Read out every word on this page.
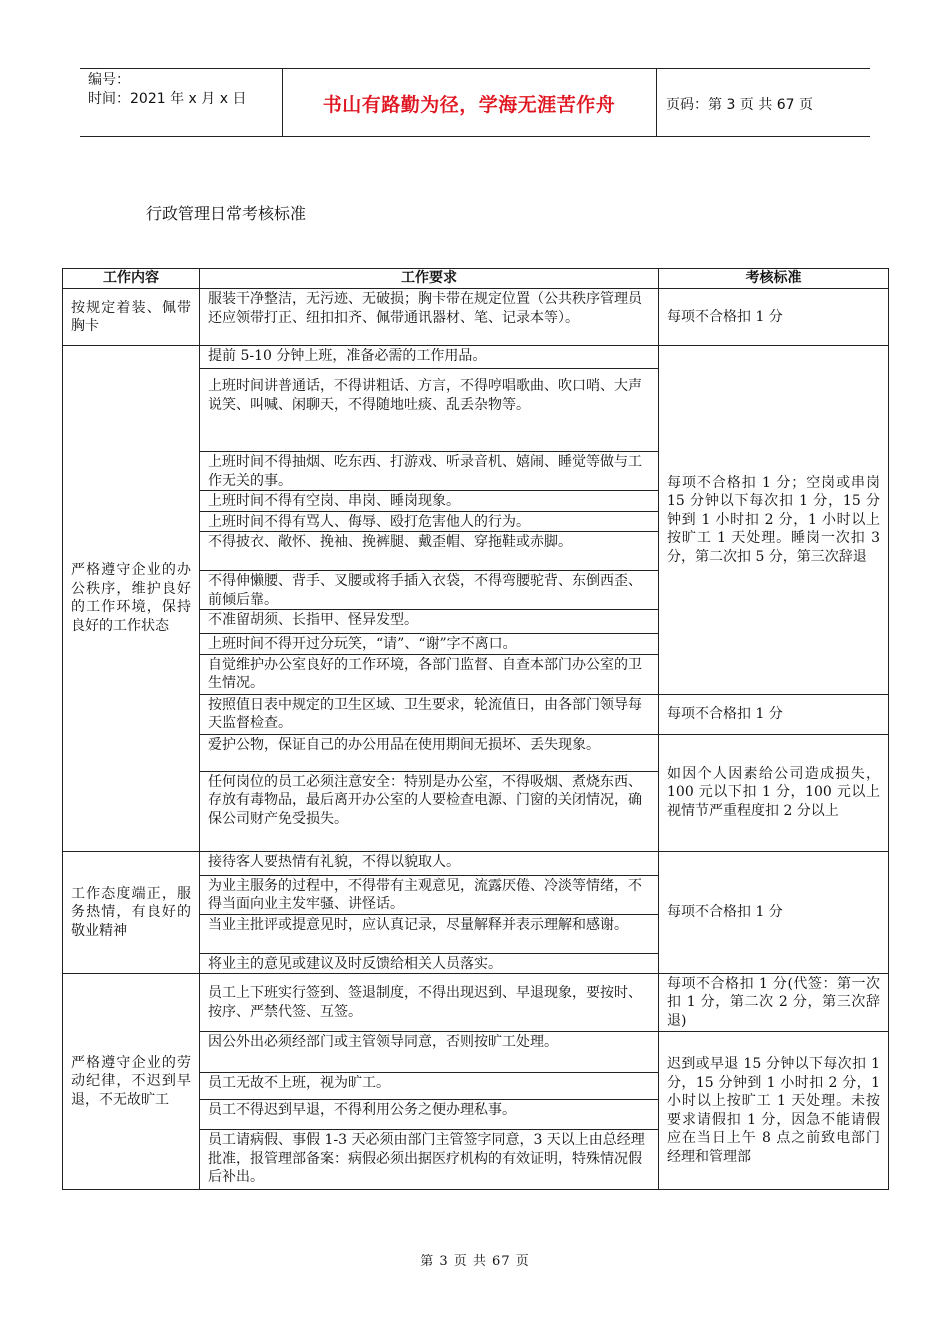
编号：
时间：2021 年 x 月 x 日	书山有路勤为径，学海无涯苦作舟	页码：第 3 页 共 67 页
行政管理日常考核标准
工作内容	工作要求	考核标准
按规定着装、佩带胸卡	服装干净整洁，无污迹、无破损；胸卡带在规定位置（公共秩序管理员还应领带打正、纽扣扣齐、佩带通讯器材、笔、记录本等）。	每项不合格扣 1 分
严格遵守企业的办公秩序，维护良好的工作环境，保持良好的工作状态	提前 5-10 分钟上班，准备必需的工作用品。	每项不合格扣 1 分；空岗或串岗 15 分钟以下每次扣 1 分，15 分钟到 1 小时扣 2 分，1 小时以上按旷工 1 天处理。睡岗一次扣 3 分，第二次扣 5 分，第三次辞退
	上班时间讲普通话，不得讲粗话、方言，不得哼唱歌曲、吹口哨、大声说笑、叫喊、闲聊天，不得随地吐痰、乱丢杂物等。	
	上班时间不得抽烟、吃东西、打游戏、听录音机、嬉闹、睡觉等做与工作无关的事。	
	上班时间不得有空岗、串岗、睡岗现象。	
	上班时间不得有骂人、侮辱、殴打危害他人的行为。	
	不得披衣、敞怀、挽袖、挽裤腿、戴歪帽、穿拖鞋或赤脚。	
	不得伸懒腰、背手、叉腰或将手插入衣袋，不得弯腰驼背、东倒西歪、前倾后靠。	
	不准留胡须、长指甲、怪异发型。	
	上班时间不得开过分玩笑，“请”、“谢”字不离口。	
	自觉维护办公室良好的工作环境，各部门监督、自查本部门办公室的卫生情况。	
	按照值日表中规定的卫生区域、卫生要求，轮流值日，由各部门领导每天监督检查。	每项不合格扣 1 分
	爱护公物，保证自己的办公用品在使用期间无损坏、丢失现象。	如因个人因素给公司造成损失，100 元以下扣 1 分，100 元以上视情节严重程度扣 2 分以上
	任何岗位的员工必须注意安全：特别是办公室，不得吸烟、煮烧东西、存放有毒物品，最后离开办公室的人要检查电源、门窗的关闭情况，确保公司财产免受损失。	
工作态度端正，服务热情，有良好的敬业精神	接待客人要热情有礼貌，不得以貌取人。	每项不合格扣 1 分
	为业主服务的过程中，不得带有主观意见，流露厌倦、冷淡等情绪，不得当面向业主发牢骚、讲怪话。	
	当业主批评或提意见时，应认真记录，尽量解释并表示理解和感谢。	
	将业主的意见或建议及时反馈给相关人员落实。	
严格遵守企业的劳动纪律，不迟到早退，不无故旷工	员工上下班实行签到、签退制度，不得出现迟到、早退现象，要按时、按序、严禁代签、互签。	每项不合格扣 1 分(代签：第一次扣 1 分，第二次 2 分，第三次辞退)
	因公外出必须经部门或主管领导同意，否则按旷工处理。	迟到或早退 15 分钟以下每次扣 1 分，15 分钟到 1 小时扣 2 分，1 小时以上按旷工 1 天处理。未按要求请假扣 1 分，因急不能请假应在当日上午 8 点之前致电部门经理和管理部
	员工无故不上班，视为旷工。	
	员工不得迟到早退，不得利用公务之便办理私事。	
	员工请病假、事假 1-3 天必须由部门主管签字同意，3 天以上由总经理批准，报管理部备案：病假必须出据医疗机构的有效证明，特殊情况假后补出。	
第 3 页 共 67 页
